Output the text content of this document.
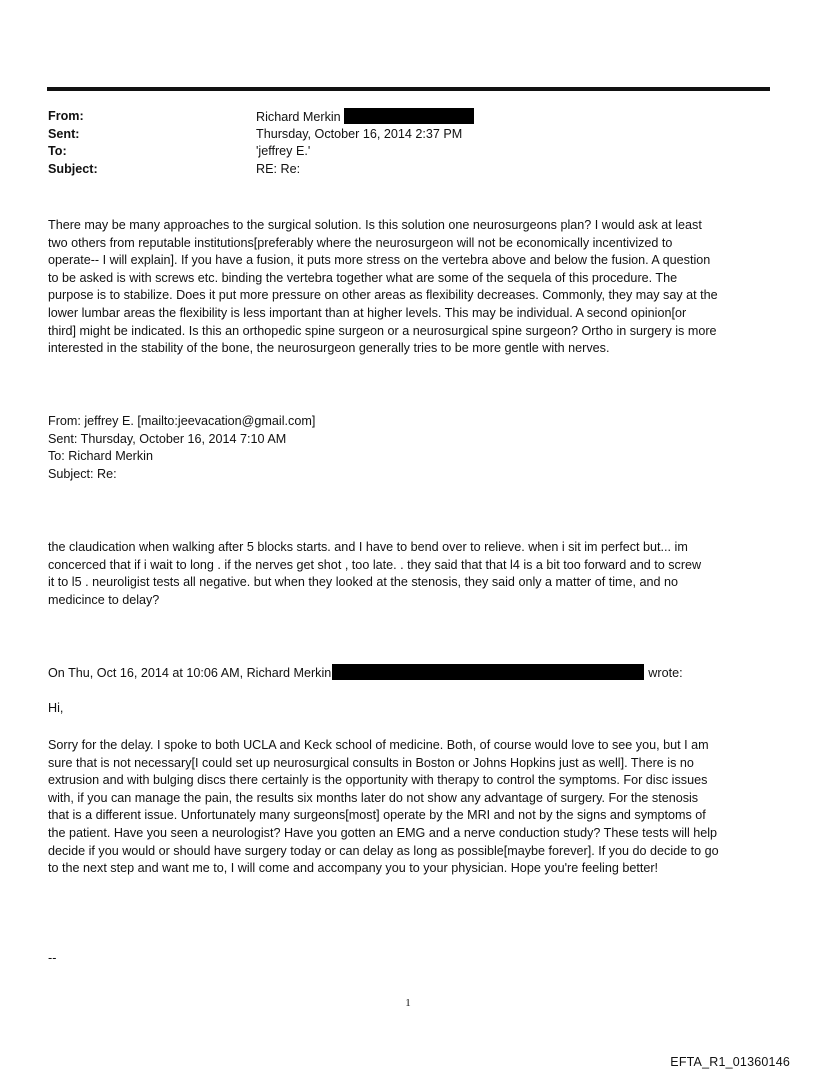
From:	Richard Merkin
Sent:	Thursday, October 16, 2014 2:37 PM
To:	'jeffrey E.'
Subject:	RE: Re:
There may be many approaches to the surgical solution. Is this solution one neurosurgeons plan? I would ask at least
two others from reputable institutions[preferably where the neurosurgeon will not be economically incentivized to
operate-- I will explain]. If you have a fusion, it puts more stress on the vertebra above and below the fusion. A question
to be asked is with screws etc. binding the vertebra together what are some of the sequela of this procedure. The
purpose is to stabilize. Does it put more pressure on other areas as flexibility decreases. Commonly, they may say at the
lower lumbar areas the flexibility is less important than at higher levels. This may be individual. A second opinion[or
third] might be indicated. Is this an orthopedic spine surgeon or a neurosurgical spine surgeon? Ortho in surgery is more
interested in the stability of the bone, the neurosurgeon generally tries to be more gentle with nerves.
From: jeffrey E. [mailto:jeevacation@gmail.com]
Sent: Thursday, October 16, 2014 7:10 AM
To: Richard Merkin
Subject: Re:
the claudication when walking after 5 blocks starts. and I have to bend over to relieve. when i sit im perfect but... im
concerced that if i wait to long . if the nerves get shot , too late. . they said that that l4 is a bit too forward and to screw
it to l5 . neuroligist tests all negative. but when they looked at the stenosis, they said only a matter of time, and no
medicince to delay?
On Thu, Oct 16, 2014 at 10:06 AM, Richard Merkin	wrote:
Hi,
Sorry for the delay. I spoke to both UCLA and Keck school of medicine. Both, of course would love to see you, but I am
sure that is not necessary[I could set up neurosurgical consults in Boston or Johns Hopkins just as well]. There is no
extrusion and with bulging discs there certainly is the opportunity with therapy to control the symptoms. For disc issues
with, if you can manage the pain, the results six months later do not show any advantage of surgery. For the stenosis
that is a different issue. Unfortunately many surgeons[most] operate by the MRI and not by the signs and symptoms of
the patient. Have you seen a neurologist? Have you gotten an EMG and a nerve conduction study? These tests will help
decide if you would or should have surgery today or can delay as long as possible[maybe forever]. If you do decide to go
to the next step and want me to, I will come and accompany you to your physician. Hope you're feeling better!
--
1
EFTA_R1_01360146
